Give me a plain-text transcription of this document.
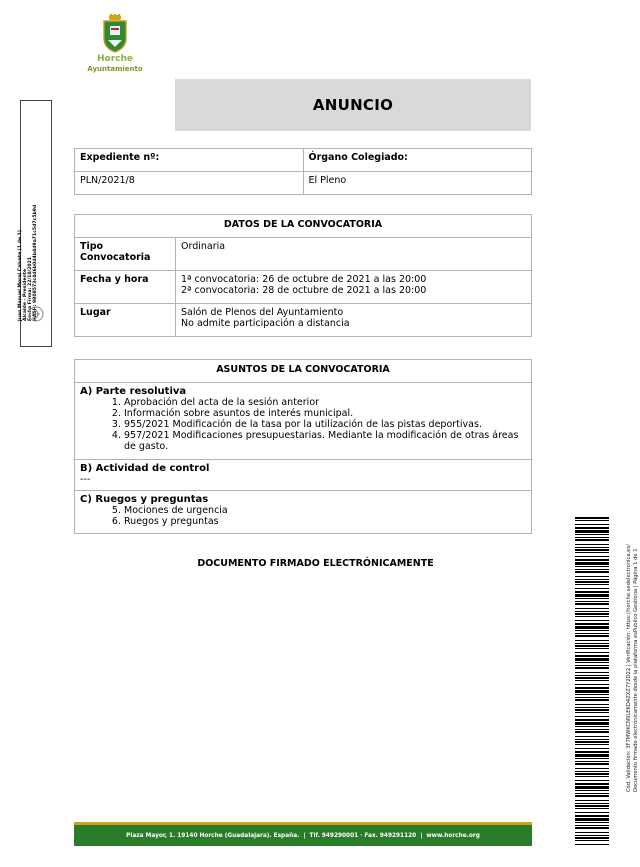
Horche
Ayuntamiento
ANUNCIO
Expediente nº:	Órgano Colegiado:
PLN/2021/8	El Pleno
DATOS DE LA CONVOCATORIA	
Tipo Convocatoria	Ordinaria
Fecha y hora	1ª convocatoria: 26 de octubre de 2021 a las 20:00
2ª convocatoria: 28 de octubre de 2021 a las 20:00

Lugar	Salón de Plenos del Ayuntamiento
No admite participación a distancia
ASUNTOS DE LA CONVOCATORIA

A) Parte resolutiva

1. Aprobación del acta de la sesión anterior
2. Información sobre asuntos de interés municipal.
3. 955/2021 Modificación de la tasa por la utilización de las pistas deportivas.
4. 957/2021 Modificaciones presupuestarias. Mediante la modificación de otras áreas de gasto.

B) Actividad de control

---

C) Ruegos y preguntas

5. Mociones de urgencia
6. Ruegos y preguntas
DOCUMENTO FIRMADO ELECTRÓNICAMENTE
Juan Manuel Moral Calvete (1 de 1) Alcalde - Presidente Fecha Firma: 22/10/2021 HASH: 9808573c4d6b0d4b4d9a71c5d7c5b9d
Cód. Validación: 3F7MWKCN9LEKD4ZXZ7Y2D22 | Verificación: https://horche.sedelectronica.es/ Documento firmado electrónicamente desde la plataforma esPublico Gestiona | Página 1 de 1
Plaza Mayor, 1. 19140 Horche (Guadalajara). España. | Tlf. 949290001 · Fax. 949291120 | www.horche.org
